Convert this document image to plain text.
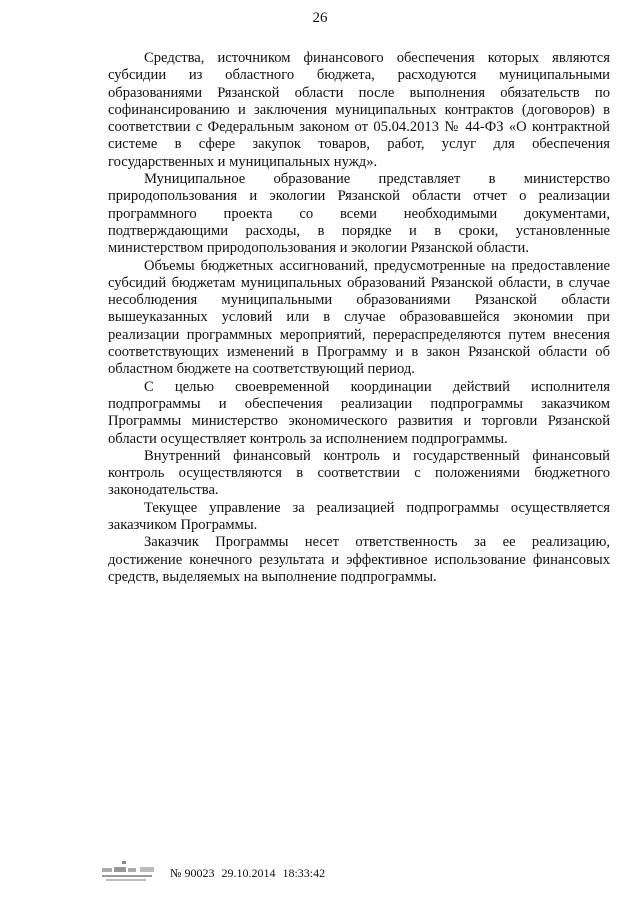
26

Средства, источником финансового обеспечения которых являются субсидии из областного бюджета, расходуются муниципальными образованиями Рязанской области после выполнения обязательств по софинансированию и заключения муниципальных контрактов (договоров) в соответствии с Федеральным законом от 05.04.2013 № 44-ФЗ «О контрактной системе в сфере закупок товаров, работ, услуг для обеспечения государственных и муниципальных нужд».

Муниципальное образование представляет в министерство природопользования и экологии Рязанской области отчет о реализации программного проекта со всеми необходимыми документами, подтверждающими расходы, в порядке и в сроки, установленные министерством природопользования и экологии Рязанской области.

Объемы бюджетных ассигнований, предусмотренные на предоставление субсидий бюджетам муниципальных образований Рязанской области, в случае несоблюдения муниципальными образованиями Рязанской области вышеуказанных условий или в случае образовавшейся экономии при реализации программных мероприятий, перераспределяются путем внесения соответствующих изменений в Программу и в закон Рязанской области об областном бюджете на соответствующий период.

С целью своевременной координации действий исполнителя подпрограммы и обеспечения реализации подпрограммы заказчиком Программы министерство экономического развития и торговли Рязанской области осуществляет контроль за исполнением подпрограммы.

Внутренний финансовый контроль и государственный финансовый контроль осуществляются в соответствии с положениями бюджетного законодательства.

Текущее управление за реализацией подпрограммы осуществляется заказчиком Программы.

Заказчик Программы несет ответственность за ее реализацию, достижение конечного результата и эффективное использование финансовых средств, выделяемых на выполнение подпрограммы.

№ 90023 29.10.2014 18:33:42
